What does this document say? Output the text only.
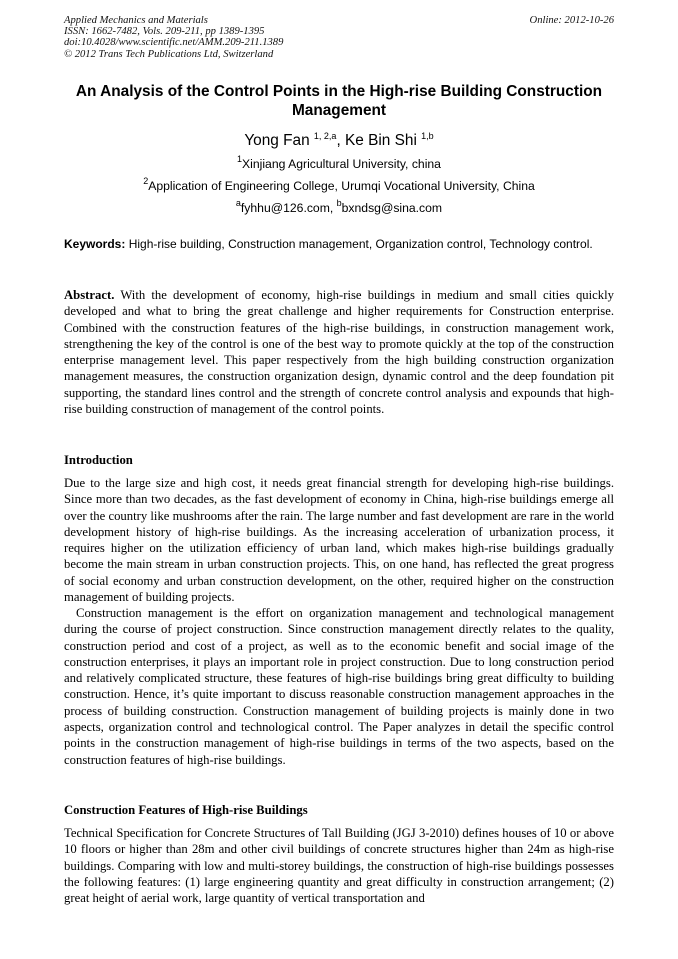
Applied Mechanics and Materials
ISSN: 1662-7482, Vols. 209-211, pp 1389-1395
doi:10.4028/www.scientific.net/AMM.209-211.1389
© 2012 Trans Tech Publications Ltd, Switzerland
Online: 2012-10-26
An Analysis of the Control Points in the High-rise Building Construction Management
Yong Fan $^{1, 2,a}$, Ke Bin Shi $^{1,b}$
$^1$Xinjiang Agricultural University, china
$^2$Application of Engineering College, Urumqi Vocational University, China
$^a$fyhhu@126.com, $^b$bxndsg@sina.com
Keywords: High-rise building, Construction management, Organization control, Technology control.
Abstract. With the development of economy, high-rise buildings in medium and small cities quickly developed and what to bring the great challenge and higher requirements for Construction enterprise. Combined with the construction features of the high-rise buildings, in construction management work, strengthening the key of the control is one of the best way to promote quickly at the top of the construction enterprise management level. This paper respectively from the high building construction organization management measures, the construction organization design, dynamic control and the deep foundation pit supporting, the standard lines control and the strength of concrete control analysis and expounds that high-rise building construction of management of the control points.
Introduction
Due to the large size and high cost, it needs great financial strength for developing high-rise buildings. Since more than two decades, as the fast development of economy in China, high-rise buildings emerge all over the country like mushrooms after the rain. The large number and fast development are rare in the world development history of high-rise buildings. As the increasing acceleration of urbanization process, it requires higher on the utilization efficiency of urban land, which makes high-rise buildings gradually become the main stream in urban construction projects. This, on one hand, has reflected the great progress of social economy and urban construction development, on the other, required higher on the construction management of building projects.
Construction management is the effort on organization management and technological management during the course of project construction. Since construction management directly relates to the quality, construction period and cost of a project, as well as to the economic benefit and social image of the construction enterprises, it plays an important role in project construction. Due to long construction period and relatively complicated structure, these features of high-rise buildings bring great difficulty to building construction. Hence, it’s quite important to discuss reasonable construction management approaches in the process of building construction. Construction management of building projects is mainly done in two aspects, organization control and technological control. The Paper analyzes in detail the specific control points in the construction management of high-rise buildings in terms of the two aspects, based on the construction features of high-rise buildings.
Construction Features of High-rise Buildings
Technical Specification for Concrete Structures of Tall Building (JGJ 3-2010) defines houses of 10 or above 10 floors or higher than 28m and other civil buildings of concrete structures higher than 24m as high-rise buildings. Comparing with low and multi-storey buildings, the construction of high-rise buildings possesses the following features: (1) large engineering quantity and great difficulty in construction arrangement; (2) great height of aerial work, large quantity of vertical transportation and
